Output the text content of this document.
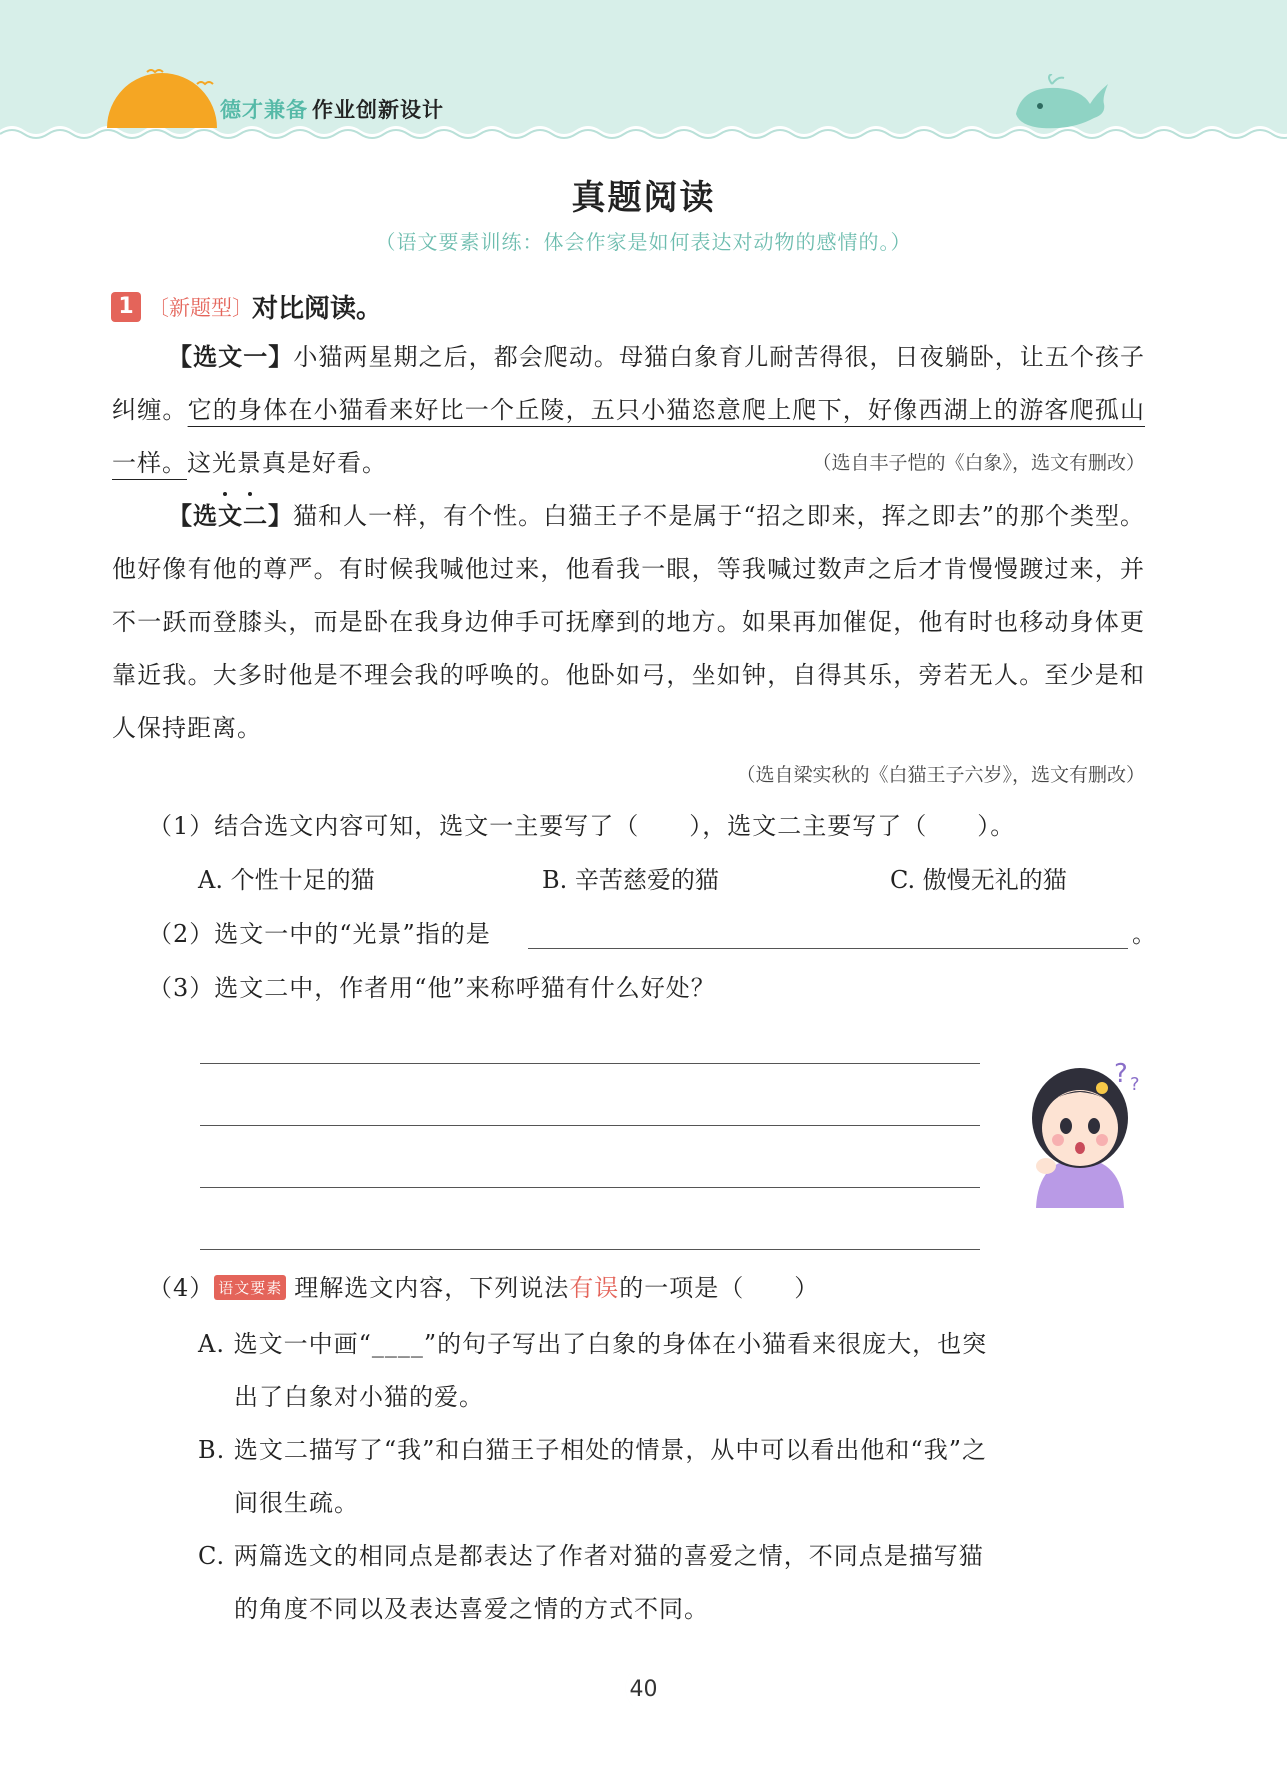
德才兼备 作业创新设计
真题阅读
（语文要素训练：体会作家是如何表达对动物的感情的。）
1 〔新题型〕 对比阅读。
【选文一】小猫两星期之后，都会爬动。母猫白象育儿耐苦得很，日夜躺卧，让五个孩子纠缠。它的身体在小猫看来好比一个丘陵，五只小猫恣意爬上爬下，好像西湖上的游客爬孤山一样。这光景真是好看。	（选自丰子恺的《白象》，选文有删改）
【选文二】猫和人一样，有个性。白猫王子不是属于“招之即来，挥之即去”的那个类型。他好像有他的尊严。有时候我喊他过来，他看我一眼，等我喊过数声之后才肯慢慢踱过来，并不一跃而登膝头，而是卧在我身边伸手可抚摩到的地方。如果再加催促，他有时也移动身体更靠近我。大多时他是不理会我的呼唤的。他卧如弓，坐如钟，自得其乐，旁若无人。至少是和人保持距离。
（选自梁实秋的《白猫王子六岁》，选文有删改）
（1）结合选文内容可知，选文一主要写了（　　），选文二主要写了（　　）。
A. 个性十足的猫	B. 辛苦慈爱的猫	C. 傲慢无礼的猫
（2）选文一中的“光景”指的是	。
（3）选文二中，作者用“他”来称呼猫有什么好处？
? ?
（4） 语文要素 理解选文内容，下列说法有误的一项是（　　）
A. 选文一中画“____”的句子写出了白象的身体在小猫看来很庞大，也突
出了白象对小猫的爱。
B. 选文二描写了“我”和白猫王子相处的情景，从中可以看出他和“我”之
间很生疏。
C. 两篇选文的相同点是都表达了作者对猫的喜爱之情，不同点是描写猫
的角度不同以及表达喜爱之情的方式不同。
40
